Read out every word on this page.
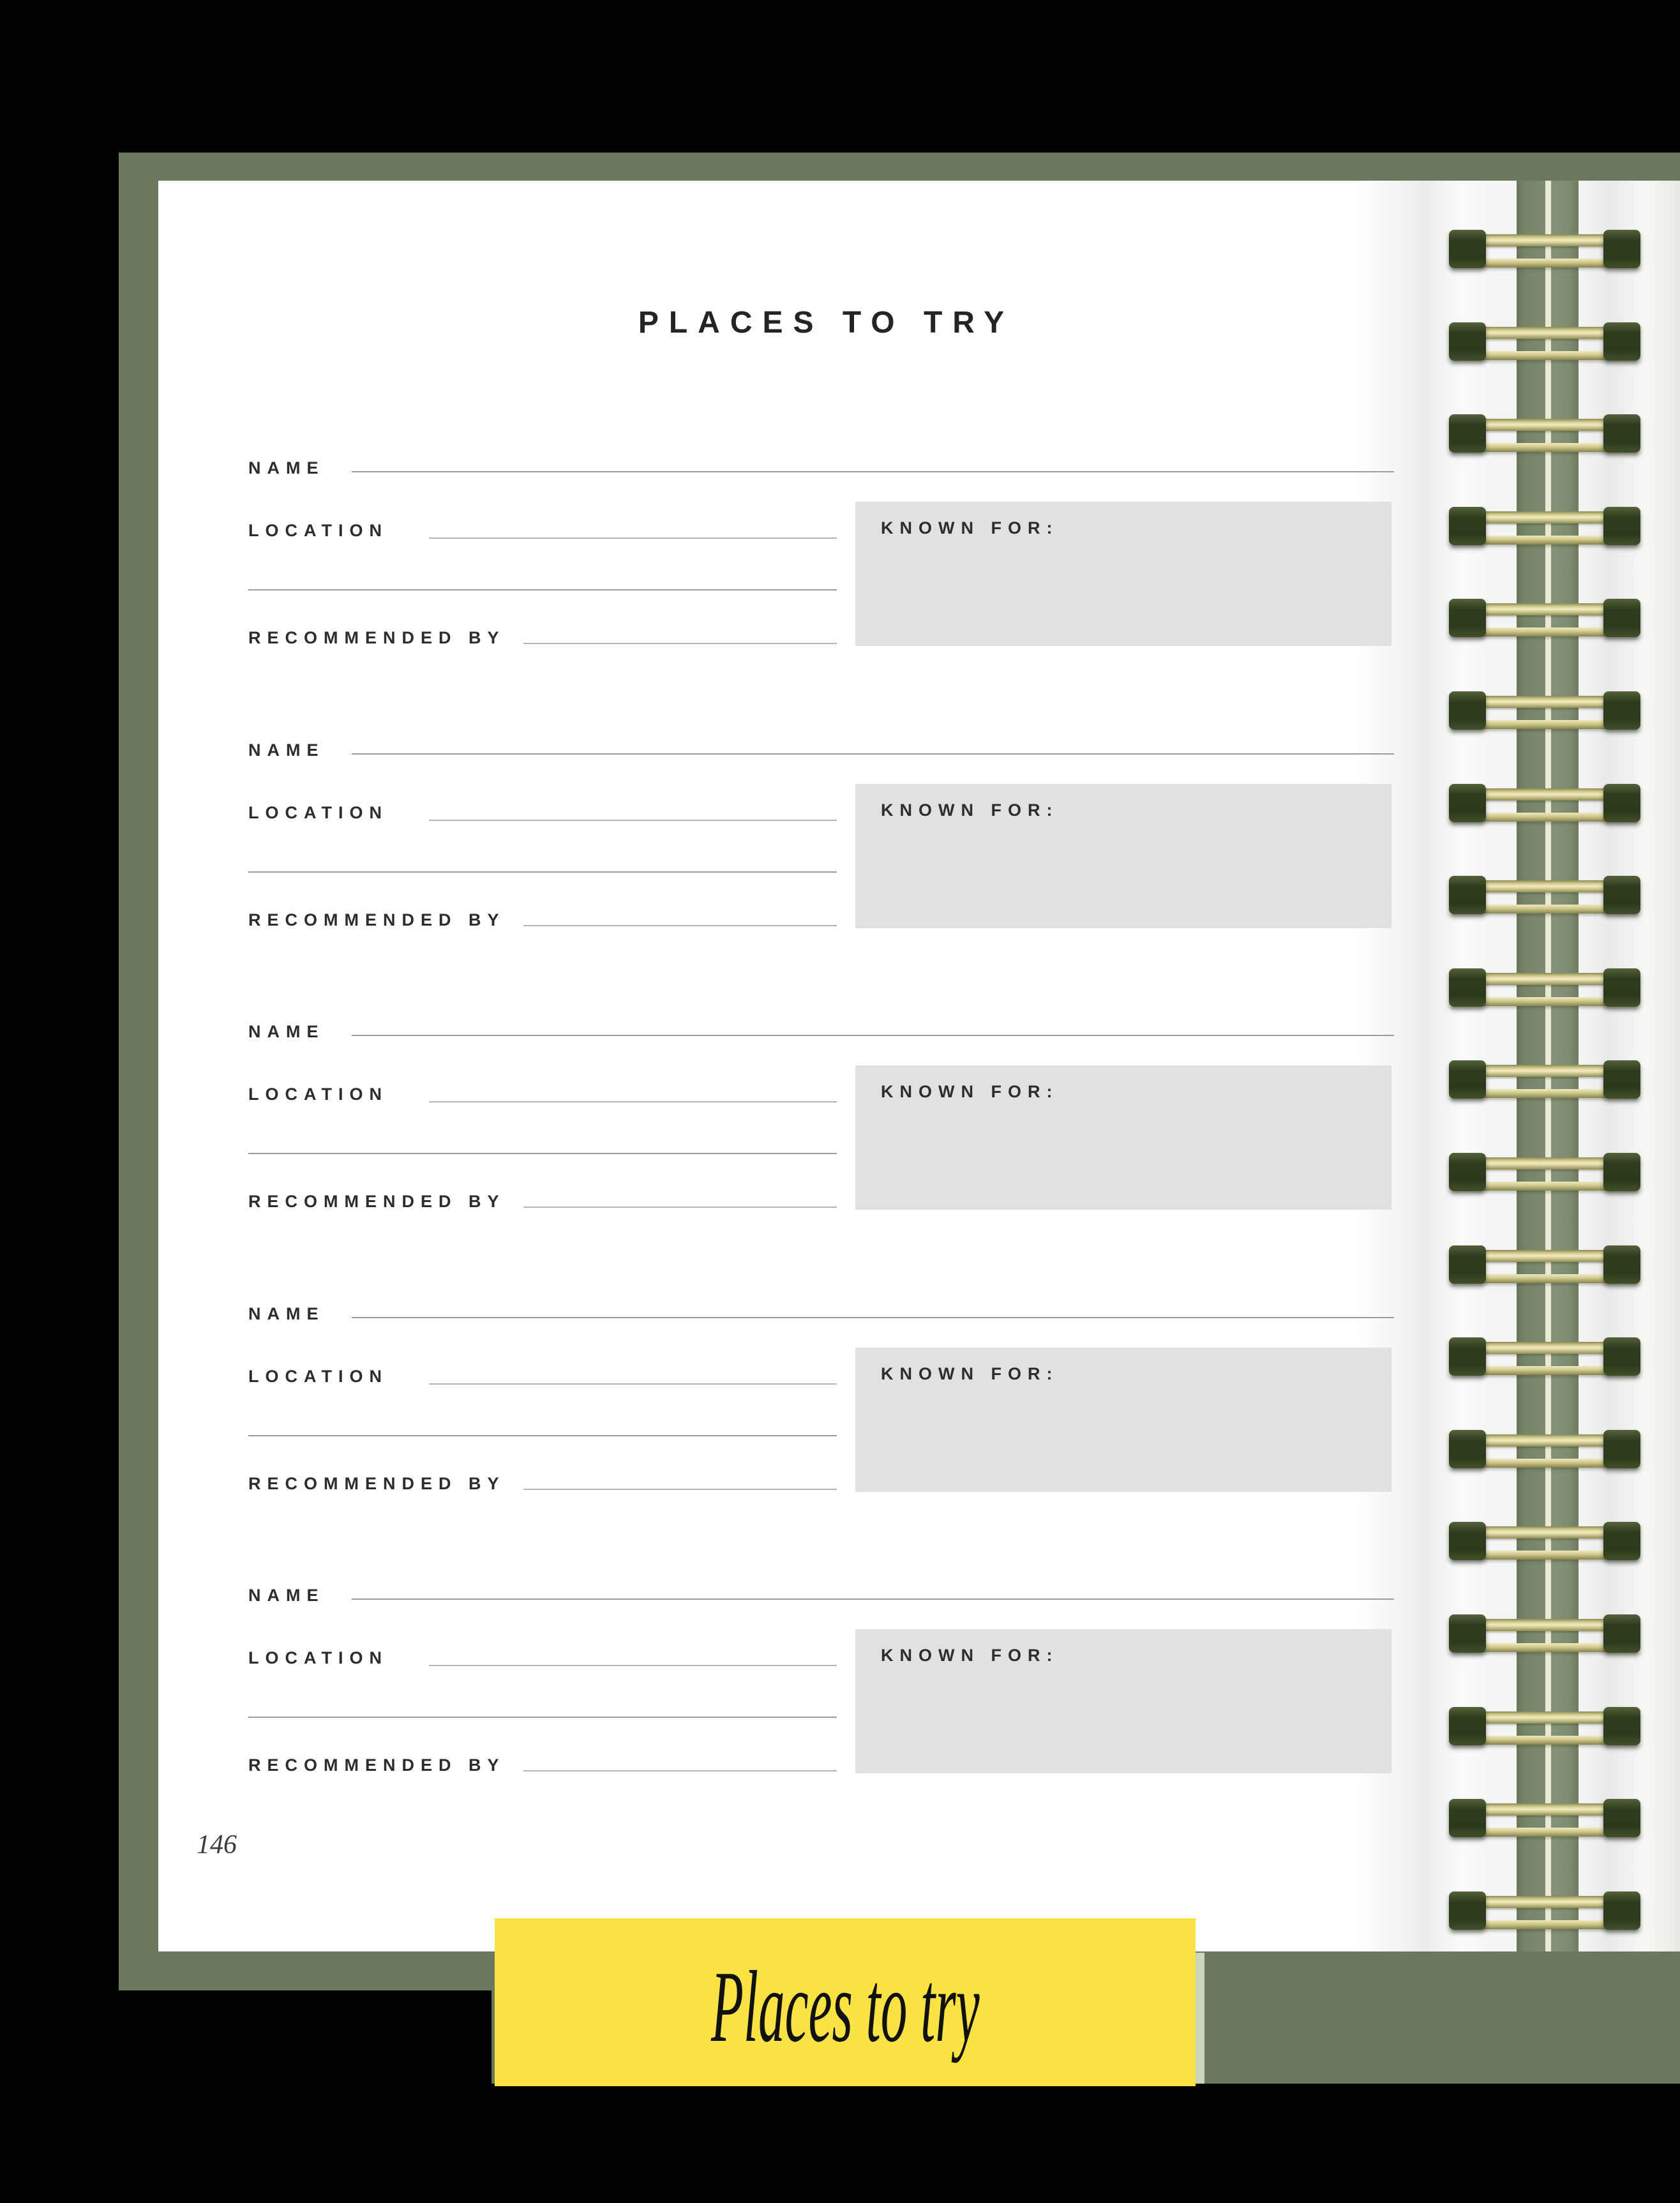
PLACES TO TRY
NAME
LOCATION
RECOMMENDED BY
KNOWN FOR:
NAME
LOCATION
RECOMMENDED BY
KNOWN FOR:
NAME
LOCATION
RECOMMENDED BY
KNOWN FOR:
NAME
LOCATION
RECOMMENDED BY
KNOWN FOR:
NAME
LOCATION
RECOMMENDED BY
KNOWN FOR:
146
Places to try
